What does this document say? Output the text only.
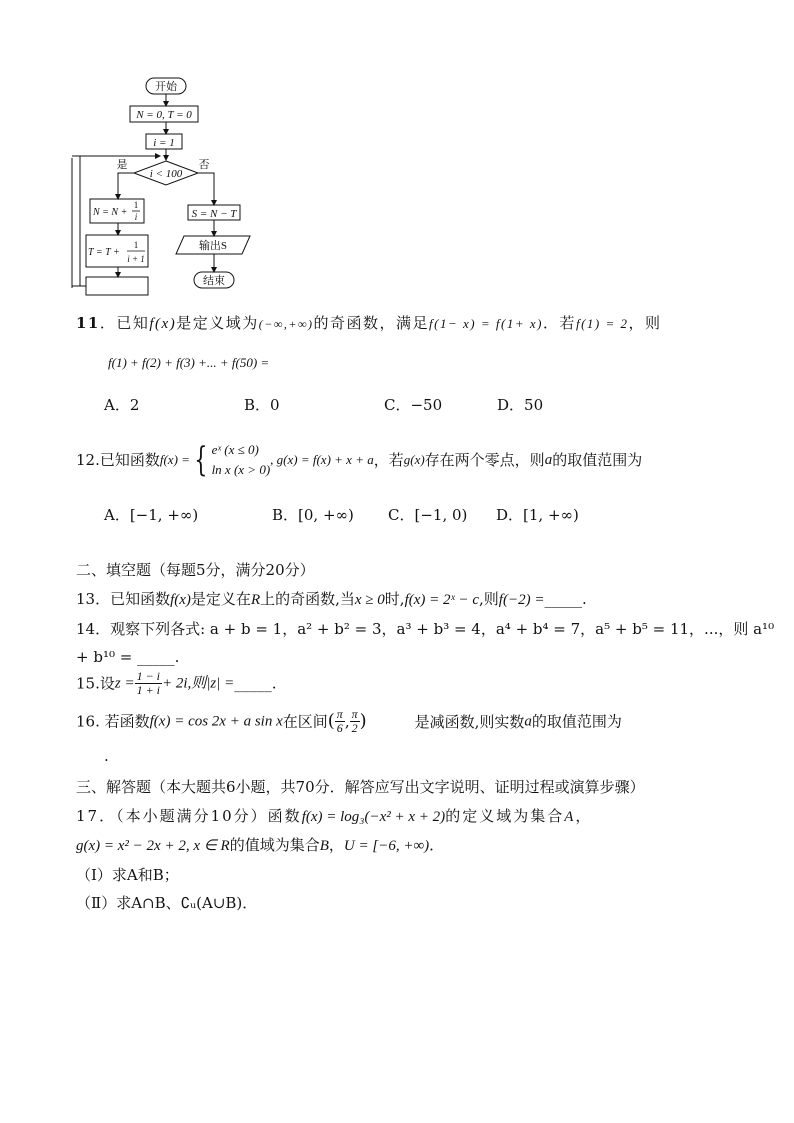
开始
N = 0, T = 0
i = 1
i < 100
是	否
N = N +
1
i
T = T +
1
i + 1
S = N − T
输出S
结束
11．已知f(x)是定义域为(−∞,+∞)的奇函数，满足f(1− x) = f(1+ x)．若f(1) = 2，则
f(1) + f(2) + f(3) +... + f(50) =
A．2	B．0	C．−50	D．50
12.已知函数f(x) = { eˣ (x ≤ 0)
ln x (x > 0), g(x) = f(x) + x + a，若g(x)存在两个零点，则a的取值范围为
A．[−1, +∞)	B．[0, +∞) C．[−1, 0) D．[1, +∞)
二、填空题（每题5分，满分20分）
13．已知函数f(x)是定义在R上的奇函数,当x ≥ 0时,f(x) = 2ˣ − c,则f(−2) =_____.
14．观察下列各式: a + b = 1，a² + b² = 3，a³ + b³ = 4，a⁴ + b⁴ = 7，a⁵ + b⁵ = 11，...，则 a¹⁰
+ b¹⁰ = _____.
15.设$z = \frac{1 - i}{1 + i} + 2i$,则|z| =_____.
16. 若函数f(x) = cos 2x + a sin x在区间( $\frac{\pi}{6}$ , $\frac{\pi}{2}$ )	是减函数,则实数a的取值范围为
.
三、解答题（本大题共6小题，共70分．解答应写出文字说明、证明过程或演算步骤）
17．（本小题满分10分）函数f(x) = log₃(−x² + x + 2)的定义域为集合A，
g(x) = x² − 2x + 2, x ∈ R的值域为集合B，U = [−6, +∞)．
（Ⅰ）求A和B；
（Ⅱ）求A∩B、∁ᵤ(A∪B)．
